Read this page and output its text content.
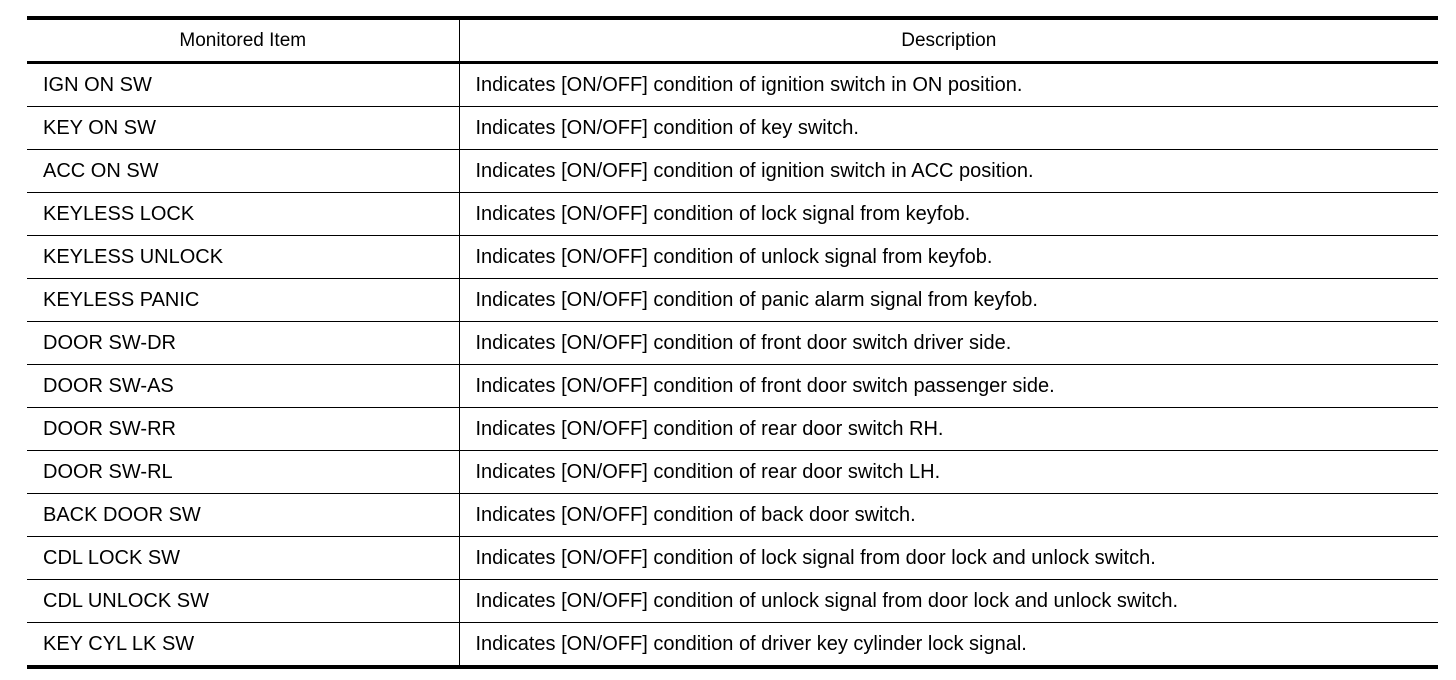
Monitored Item	Description
IGN ON SW	Indicates [ON/OFF] condition of ignition switch in ON position.
KEY ON SW	Indicates [ON/OFF] condition of key switch.
ACC ON SW	Indicates [ON/OFF] condition of ignition switch in ACC position.
KEYLESS LOCK	Indicates [ON/OFF] condition of lock signal from keyfob.
KEYLESS UNLOCK	Indicates [ON/OFF] condition of unlock signal from keyfob.
KEYLESS PANIC	Indicates [ON/OFF] condition of panic alarm signal from keyfob.
DOOR SW-DR	Indicates [ON/OFF] condition of front door switch driver side.
DOOR SW-AS	Indicates [ON/OFF] condition of front door switch passenger side.
DOOR SW-RR	Indicates [ON/OFF] condition of rear door switch RH.
DOOR SW-RL	Indicates [ON/OFF] condition of rear door switch LH.
BACK DOOR SW	Indicates [ON/OFF] condition of back door switch.
CDL LOCK SW	Indicates [ON/OFF] condition of lock signal from door lock and unlock switch.
CDL UNLOCK SW	Indicates [ON/OFF] condition of unlock signal from door lock and unlock switch.
KEY CYL LK SW	Indicates [ON/OFF] condition of driver key cylinder lock signal.
